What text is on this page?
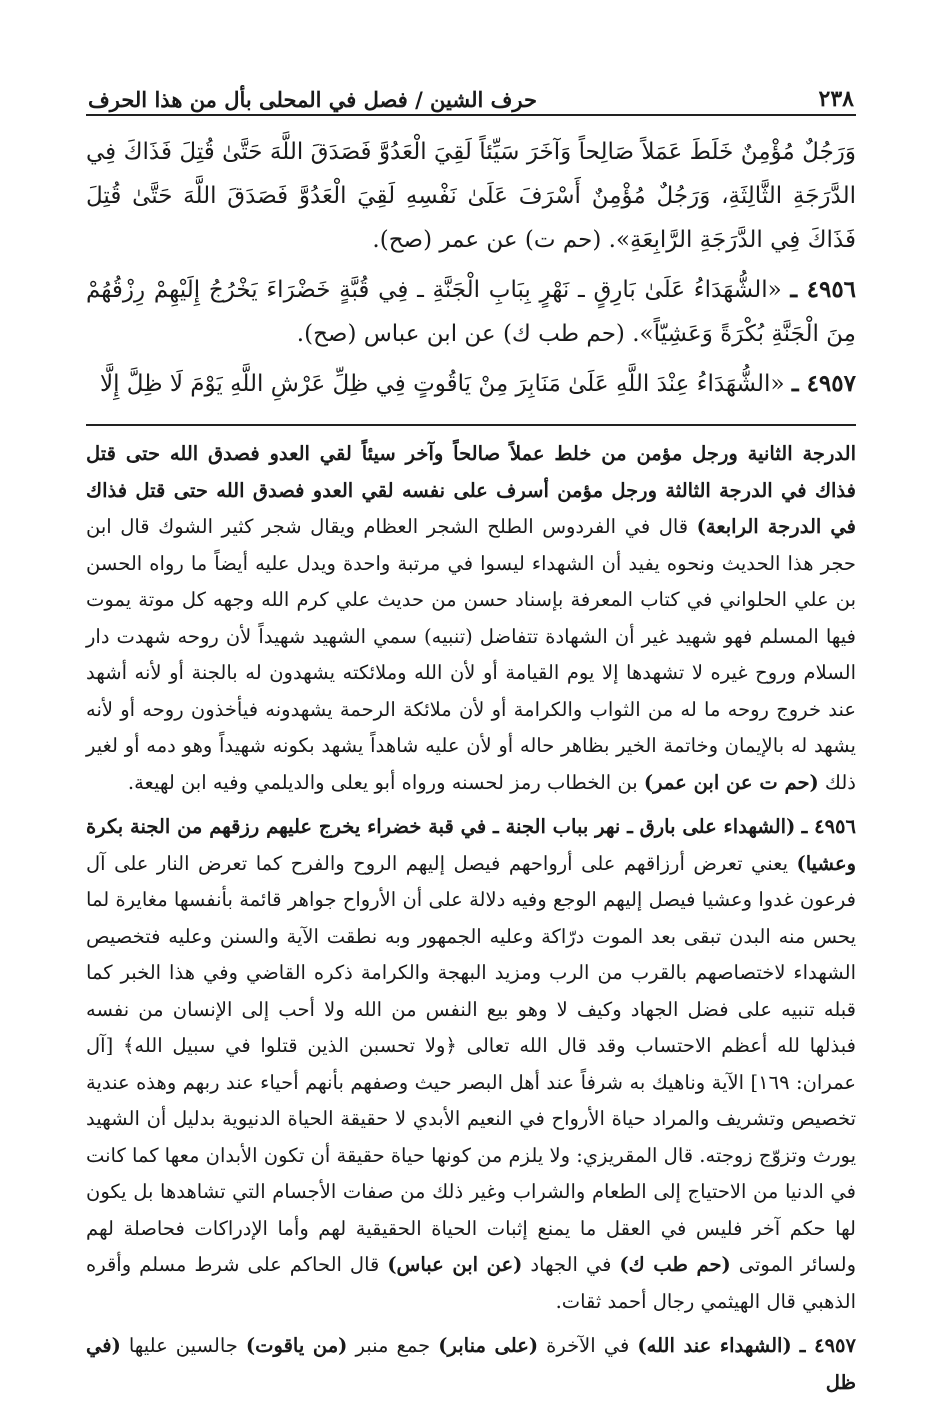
٢٣٨
حرف الشين / فصل في المحلى بأل من هذا الحرف

وَرَجُلٌ مُؤْمِنٌ خَلَطَ عَمَلاً صَالِحاً وَآخَرَ سَيِّئاً لَقِيَ الْعَدُوَّ فَصَدَقَ اللَّهَ حَتَّىٰ قُتِلَ فَذَاكَ فِي الدَّرَجَةِ الثَّالِثَةِ، وَرَجُلٌ مُؤْمِنٌ أَسْرَفَ عَلَىٰ نَفْسِهِ لَقِيَ الْعَدُوَّ فَصَدَقَ اللَّهَ حَتَّىٰ قُتِلَ فَذَاكَ فِي الدَّرَجَةِ الرَّابِعَةِ». (حم ت) عن عمر (صح).

٤٩٥٦ ـ «الشُّهَدَاءُ عَلَىٰ بَارِقٍ ـ نَهْرٍ بِبَابِ الْجَنَّةِ ـ فِي قُبَّةٍ خَضْرَاءَ يَخْرُجُ إِلَيْهِمْ رِزْقُهُمْ مِنَ الْجَنَّةِ بُكْرَةً وَعَشِيّاً». (حم طب ك) عن ابن عباس (صح).

٤٩٥٧ ـ «الشُّهَدَاءُ عِنْدَ اللَّهِ عَلَىٰ مَنَابِرَ مِنْ يَاقُوتٍ فِي ظِلِّ عَرْشِ اللَّهِ يَوْمَ لَا ظِلَّ إِلَّا

الدرجة الثانية ورجل مؤمن من خلط عملاً صالحاً وآخر سيئاً لقي العدو فصدق الله حتى قتل فذاك في الدرجة الثالثة ورجل مؤمن أسرف على نفسه لقي العدو فصدق الله حتى قتل فذاك في الدرجة الرابعة) قال في الفردوس الطلح الشجر العظام ويقال شجر كثير الشوك قال ابن حجر هذا الحديث ونحوه يفيد أن الشهداء ليسوا في مرتبة واحدة ويدل عليه أيضاً ما رواه الحسن بن علي الحلواني في كتاب المعرفة بإسناد حسن من حديث علي كرم الله وجهه كل موتة يموت فيها المسلم فهو شهيد غير أن الشهادة تتفاضل (تنبيه) سمي الشهيد شهيداً لأن روحه شهدت دار السلام وروح غيره لا تشهدها إلا يوم القيامة أو لأن الله وملائكته يشهدون له بالجنة أو لأنه أشهد عند خروج روحه ما له من الثواب والكرامة أو لأن ملائكة الرحمة يشهدونه فيأخذون روحه أو لأنه يشهد له بالإيمان وخاتمة الخير بظاهر حاله أو لأن عليه شاهداً يشهد بكونه شهيداً وهو دمه أو لغير ذلك (حم ت عن ابن عمر) بن الخطاب رمز لحسنه ورواه أبو يعلى والديلمي وفيه ابن لهيعة.

٤٩٥٦ ـ (الشهداء على بارق ـ نهر بباب الجنة ـ في قبة خضراء يخرج عليهم رزقهم من الجنة بكرة وعشيا) يعني تعرض أرزاقهم على أرواحهم فيصل إليهم الروح والفرح كما تعرض النار على آل فرعون غدوا وعشيا فيصل إليهم الوجع وفيه دلالة على أن الأرواح جواهر قائمة بأنفسها مغايرة لما يحس منه البدن تبقى بعد الموت درّاكة وعليه الجمهور وبه نطقت الآية والسنن وعليه فتخصيص الشهداء لاختصاصهم بالقرب من الرب ومزيد البهجة والكرامة ذكره القاضي وفي هذا الخبر كما قبله تنبيه على فضل الجهاد وكيف لا وهو بيع النفس من الله ولا أحب إلى الإنسان من نفسه فبذلها لله أعظم الاحتساب وقد قال الله تعالى ﴿ولا تحسبن الذين قتلوا في سبيل الله﴾ [آل عمران: ١٦٩] الآية وناهيك به شرفاً عند أهل البصر حيث وصفهم بأنهم أحياء عند ربهم وهذه عندية تخصيص وتشريف والمراد حياة الأرواح في النعيم الأبدي لا حقيقة الحياة الدنيوية بدليل أن الشهيد يورث وتزوّج زوجته. قال المقريزي: ولا يلزم من كونها حياة حقيقة أن تكون الأبدان معها كما كانت في الدنيا من الاحتياج إلى الطعام والشراب وغير ذلك من صفات الأجسام التي تشاهدها بل يكون لها حكم آخر فليس في العقل ما يمنع إثبات الحياة الحقيقية لهم وأما الإدراكات فحاصلة لهم ولسائر الموتى (حم طب ك) في الجهاد (عن ابن عباس) قال الحاكم على شرط مسلم وأقره الذهبي قال الهيثمي رجال أحمد ثقات.

٤٩٥٧ ـ (الشهداء عند الله) في الآخرة (على منابر) جمع منبر (من ياقوت) جالسين عليها (في ظل
